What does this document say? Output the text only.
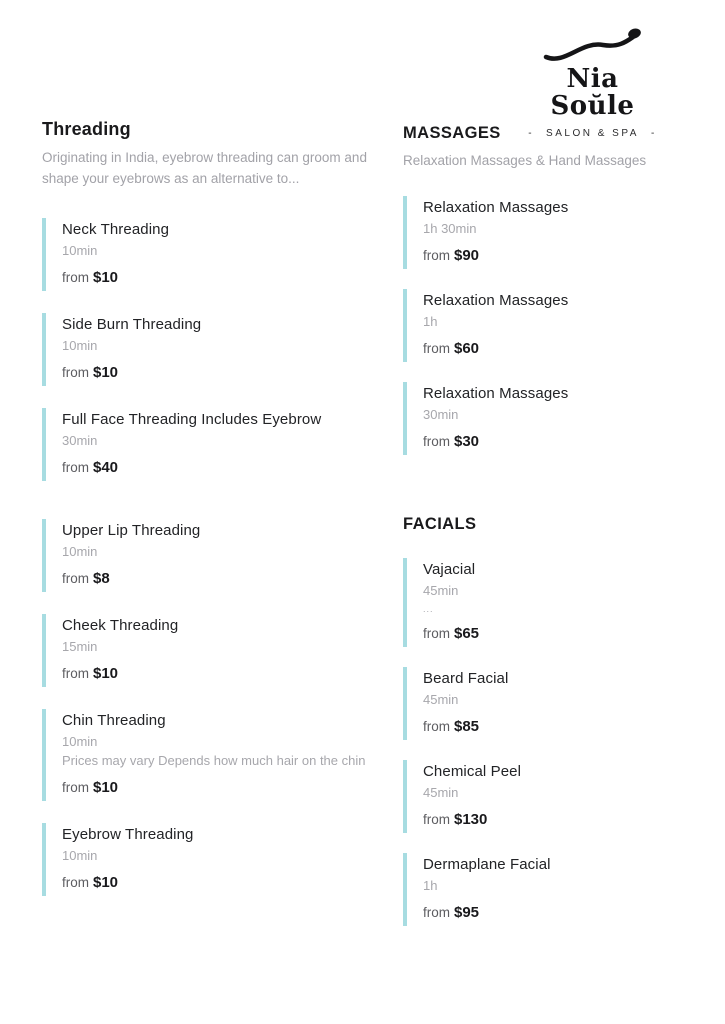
Nia Soŭle
- SALON & SPA -
Threading
Originating in India, eyebrow threading can groom and shape your eyebrows as an alternative to...
Neck Threading
10min
from $10
Side Burn Threading
10min
from $10
Full Face Threading Includes Eyebrow
30min
from $40
Upper Lip Threading
10min
from $8
Cheek Threading
15min
from $10
Chin Threading
10min
Prices may vary Depends how much hair on the chin
from $10
Eyebrow Threading
10min
from $10
MASSAGES
Relaxation Massages & Hand Massages
Relaxation Massages
1h 30min
from $90
Relaxation Massages
1h
from $60
Relaxation Massages
30min
from $30
FACIALS
Vajacial
45min
...
from $65
Beard Facial
45min
from $85
Chemical Peel
45min
from $130
Dermaplane Facial
1h
from $95
